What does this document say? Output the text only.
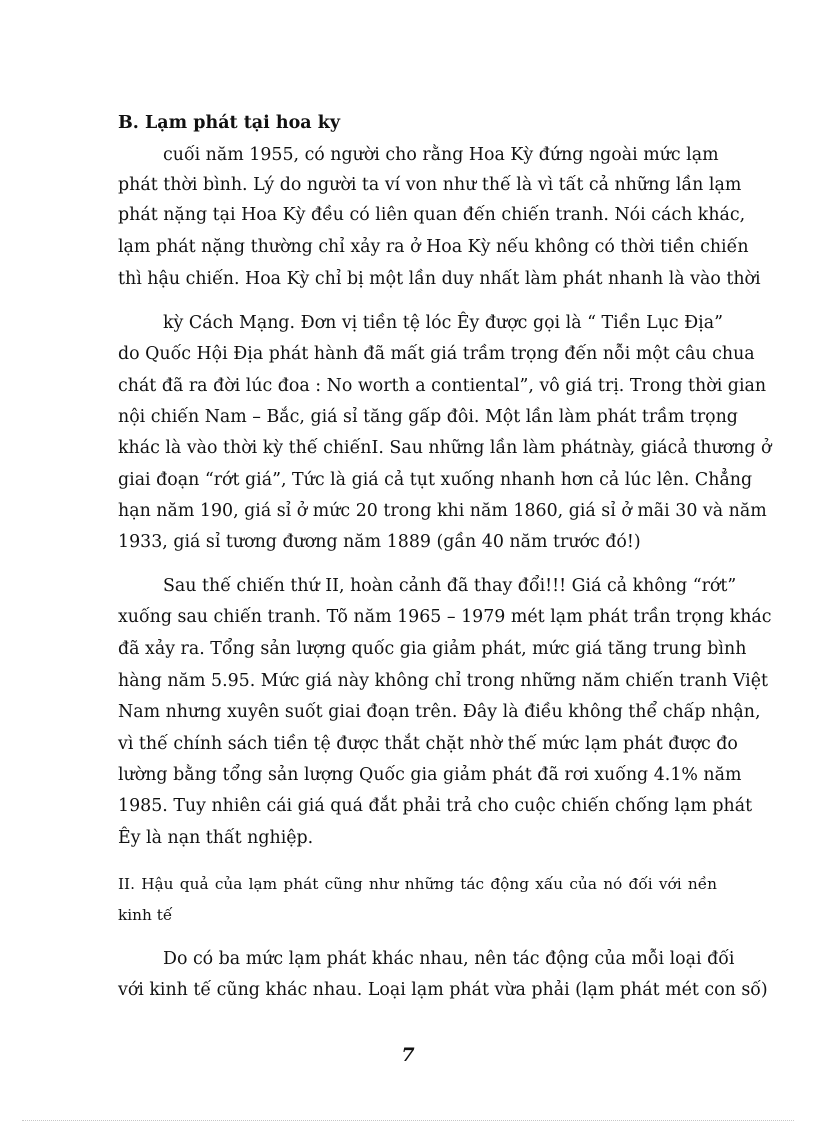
B. Lạm phát tại hoa ky
cuối năm 1955, có người cho rằng Hoa Kỳ đứng ngoài mức lạm
phát thời bình. Lý do người ta ví von như thế là vì tất cả những lần lạm
phát nặng tại Hoa Kỳ đều có liên quan đến chiến tranh. Nói cách khác,
lạm phát nặng thường chỉ xảy ra ở Hoa Kỳ nếu không có thời tiền chiến
thì hậu chiến. Hoa Kỳ chỉ bị một lần duy nhất làm phát nhanh là vào thời
kỳ Cách Mạng. Đơn vị tiền tệ lóc Êy được gọi là “ Tiền Lục Địa”
do Quốc Hội Địa phát hành đã mất giá trầm trọng đến nỗi một câu chua
chát đã ra đời lúc đoa : No worth a contiental”, vô giá trị. Trong thời gian
nội chiến Nam – Bắc, giá sỉ tăng gấp đôi. Một lần làm phát trầm trọng
khác là vào thời kỳ thế chiếnI. Sau những lần làm phátnày, giácả thương ở
giai đoạn “rớt giá”, Tức là giá cả tụt xuống nhanh hơn cả lúc lên. Chẳng
hạn năm 190, giá sỉ ở mức 20 trong khi năm 1860, giá sỉ ở mãi 30 và năm
1933, giá sỉ tương đương năm 1889 (gần 40 năm trước đó!)
Sau thế chiến thứ II, hoàn cảnh đã thay đổi!!! Giá cả không “rớt”
xuống sau chiến tranh. Tõ năm 1965 – 1979 mét lạm phát trần trọng khác
đã xảy ra. Tổng sản lượng quốc gia giảm phát, mức giá tăng trung bình
hàng năm 5.95. Mức giá này không chỉ trong những năm chiến tranh Việt
Nam nhưng xuyên suốt giai đoạn trên. Đây là điều không thể chấp nhận,
vì thế chính sách tiền tệ được thắt chặt nhờ thế mức lạm phát được đo
lường bằng tổng sản lượng Quốc gia giảm phát đã rơi xuống 4.1% năm
1985. Tuy nhiên cái giá quá đắt phải trả cho cuộc chiến chống lạm phát
Êy là nạn thất nghiệp.
II. Hậu quả của lạm phát cũng như những tác động xấu của nó đối với nền
kinh tế
Do có ba mức lạm phát khác nhau, nên tác động của mỗi loại đối
với kinh tế cũng khác nhau. Loại lạm phát vừa phải (lạm phát mét con số)
7
